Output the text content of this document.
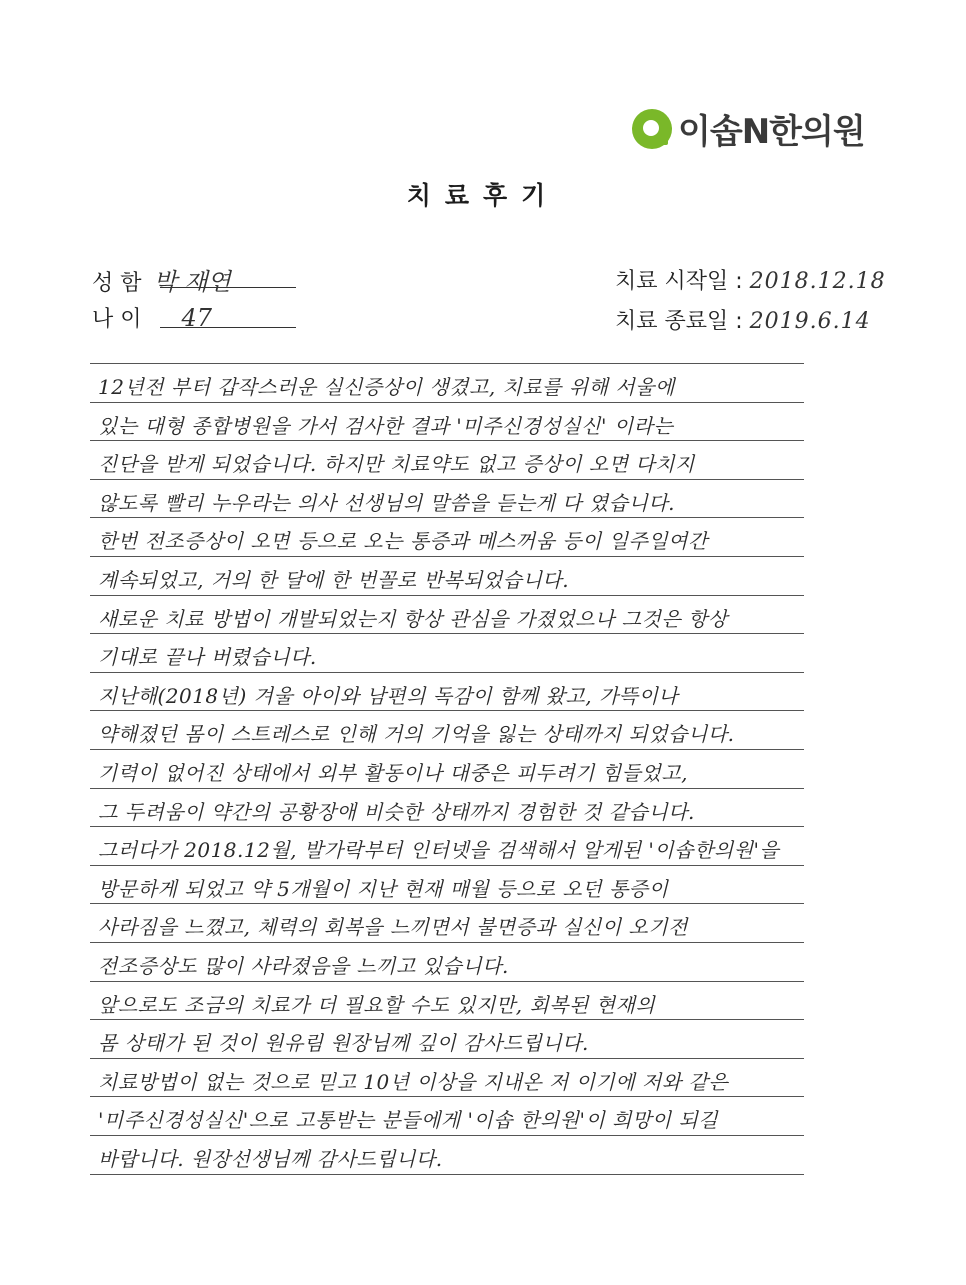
이솝N한의원
치료후기
성 함 박 재연
나 이 47
치료 시작일 : 2018.12.18
치료 종료일 : 2019.6.14
12년전 부터 갑작스러운 실신증상이 생겼고, 치료를 위해 서울에
있는 대형 종합병원을 가서 검사한 결과 '미주신경성실신' 이라는
진단을 받게 되었습니다. 하지만 치료약도 없고 증상이 오면 다치지
않도록 빨리 누우라는 의사 선생님의 말씀을 듣는게 다 였습니다.
한번 전조증상이 오면 등으로 오는 통증과 메스꺼움 등이 일주일여간
계속되었고, 거의 한 달에 한 번꼴로 반복되었습니다.
새로운 치료 방법이 개발되었는지 항상 관심을 가졌었으나 그것은 항상
기대로 끝나 버렸습니다.
지난해(2018년) 겨울 아이와 남편의 독감이 함께 왔고, 가뜩이나
약해졌던 몸이 스트레스로 인해 거의 기억을 잃는 상태까지 되었습니다.
기력이 없어진 상태에서 외부 활동이나 대중은 피두려기 힘들었고,
그 두려움이 약간의 공황장애 비슷한 상태까지 경험한 것 같습니다.
그러다가 2018.12월, 발가락부터 인터넷을 검색해서 알게된 '이솝한의원'을
방문하게 되었고 약 5개월이 지난 현재 매월 등으로 오던 통증이
사라짐을 느꼈고, 체력의 회복을 느끼면서 불면증과 실신이 오기전
전조증상도 많이 사라졌음을 느끼고 있습니다.
앞으로도 조금의 치료가 더 필요할 수도 있지만, 회복된 현재의
몸 상태가 된 것이 원유림 원장님께 깊이 감사드립니다.
치료방법이 없는 것으로 믿고 10년 이상을 지내온 저 이기에 저와 같은
'미주신경성실신'으로 고통받는 분들에게 '이솝 한의원'이 희망이 되길
바랍니다. 원장선생님께 감사드립니다.
